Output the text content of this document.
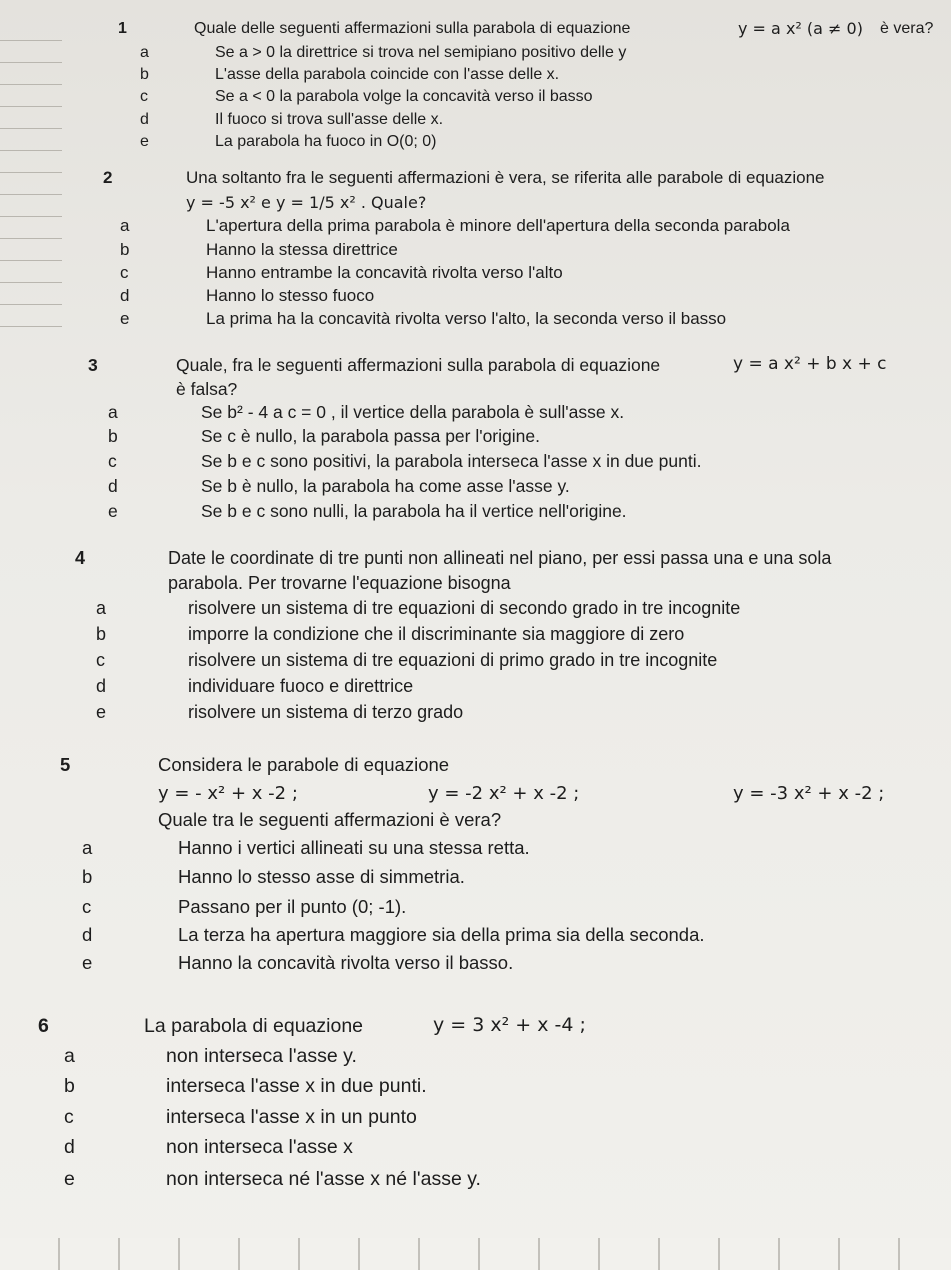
1	Quale delle seguenti affermazioni sulla parabola di equazione	y = a x² (a ≠ 0) è vera?
a	Se a > 0 la direttrice si trova nel semipiano positivo delle y
b	L'asse della parabola coincide con l'asse delle x.
c	Se a < 0 la parabola volge la concavità verso il basso
d	Il fuoco si trova sull'asse delle x.
e	La parabola ha fuoco in O(0; 0)
2	Una soltanto fra le seguenti affermazioni è vera, se riferita alle parabole di equazione
y = -5 x² e y = 1/5 x² . Quale?
a	L'apertura della prima parabola è minore dell'apertura della seconda parabola
b	Hanno la stessa direttrice
c	Hanno entrambe la concavità rivolta verso l'alto
d	Hanno lo stesso fuoco
e	La prima ha la concavità rivolta verso l'alto, la seconda verso il basso
3	Quale, fra le seguenti affermazioni sulla parabola di equazione	y = a x² + b x + c
è falsa?
a	Se b² - 4 a c = 0 , il vertice della parabola è sull'asse x.
b	Se c è nullo, la parabola passa per l'origine.
c	Se b e c sono positivi, la parabola interseca l'asse x in due punti.
d	Se b è nullo, la parabola ha come asse l'asse y.
e	Se b e c sono nulli, la parabola ha il vertice nell'origine.
4	Date le coordinate di tre punti non allineati nel piano, per essi passa una e una sola
parabola. Per trovarne l'equazione bisogna
a	risolvere un sistema di tre equazioni di secondo grado in tre incognite
b	imporre la condizione che il discriminante sia maggiore di zero
c	risolvere un sistema di tre equazioni di primo grado in tre incognite
d	individuare fuoco e direttrice
e	risolvere un sistema di terzo grado
5	Considera le parabole di equazione
y = - x² + x -2 ;	y = -2 x² + x -2 ;	y = -3 x² + x -2 ;
Quale tra le seguenti affermazioni è vera?
a	Hanno i vertici allineati su una stessa retta.
b	Hanno lo stesso asse di simmetria.
c	Passano per il punto (0; -1).
d	La terza ha apertura maggiore sia della prima sia della seconda.
e	Hanno la concavità rivolta verso il basso.
6	La parabola di equazione	y = 3 x² + x -4 ;
a	non interseca l'asse y.
b	interseca l'asse x in due punti.
c	interseca l'asse x in un punto
d	non interseca l'asse x
e	non interseca né l'asse x né l'asse y.
